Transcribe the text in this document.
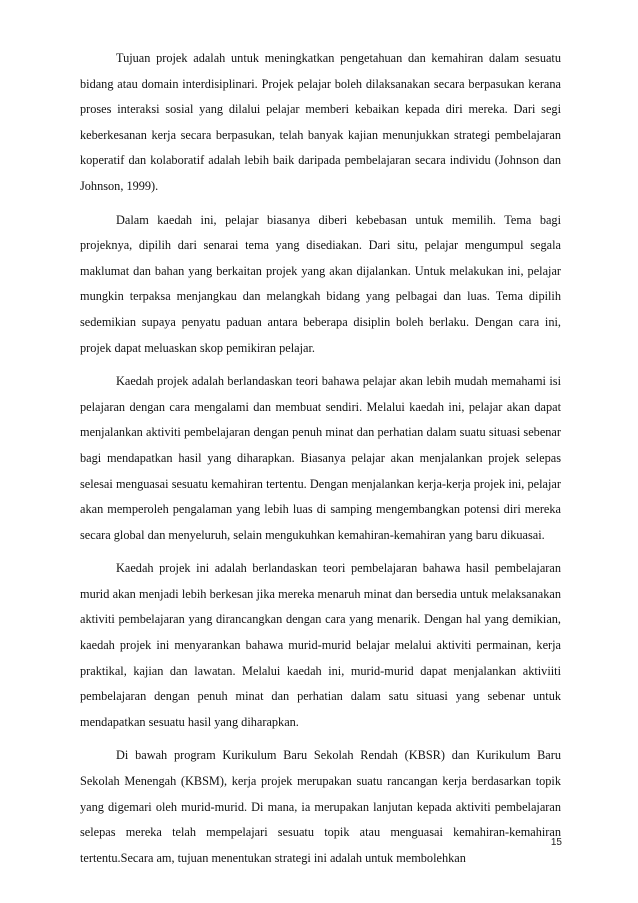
Tujuan projek adalah untuk meningkatkan pengetahuan dan kemahiran dalam sesuatu bidang atau domain interdisiplinari. Projek pelajar boleh dilaksanakan secara berpasukan kerana proses interaksi sosial yang dilalui pelajar memberi kebaikan kepada diri mereka. Dari segi keberkesanan kerja secara berpasukan, telah banyak kajian menunjukkan strategi pembelajaran koperatif dan kolaboratif adalah lebih baik daripada pembelajaran secara individu (Johnson dan Johnson, 1999).

Dalam kaedah ini, pelajar biasanya diberi kebebasan untuk memilih. Tema bagi projeknya, dipilih dari senarai tema yang disediakan. Dari situ, pelajar mengumpul segala maklumat dan bahan yang berkaitan projek yang akan dijalankan. Untuk melakukan ini, pelajar mungkin terpaksa menjangkau dan melangkah bidang yang pelbagai dan luas. Tema dipilih sedemikian supaya penyatu paduan antara beberapa disiplin boleh berlaku. Dengan cara ini, projek dapat meluaskan skop pemikiran pelajar.

Kaedah projek adalah berlandaskan teori bahawa pelajar akan lebih mudah memahami isi pelajaran dengan cara mengalami dan membuat sendiri. Melalui kaedah ini, pelajar akan dapat menjalankan aktiviti pembelajaran dengan penuh minat dan perhatian dalam suatu situasi sebenar bagi mendapatkan hasil yang diharapkan. Biasanya pelajar akan menjalankan projek selepas selesai menguasai sesuatu kemahiran tertentu. Dengan menjalankan kerja-kerja projek ini, pelajar akan memperoleh pengalaman yang lebih luas di samping mengembangkan potensi diri mereka secara global dan menyeluruh, selain mengukuhkan kemahiran-kemahiran yang baru dikuasai.

Kaedah projek ini adalah berlandaskan teori pembelajaran bahawa hasil pembelajaran murid akan menjadi lebih berkesan jika mereka menaruh minat dan bersedia untuk melaksanakan aktiviti pembelajaran yang dirancangkan dengan cara yang menarik. Dengan hal yang demikian, kaedah projek ini menyarankan bahawa murid-murid belajar melalui aktiviti permainan, kerja praktikal, kajian dan lawatan. Melalui kaedah ini, murid-murid dapat menjalankan aktiviiti pembelajaran dengan penuh minat dan perhatian dalam satu situasi yang sebenar untuk mendapatkan sesuatu hasil yang diharapkan.

Di bawah program Kurikulum Baru Sekolah Rendah (KBSR) dan Kurikulum Baru Sekolah Menengah (KBSM), kerja projek merupakan suatu rancangan kerja berdasarkan topik yang digemari oleh murid-murid. Di mana, ia merupakan lanjutan kepada aktiviti pembelajaran selepas mereka telah mempelajari sesuatu topik atau menguasai kemahiran-kemahiran tertentu.Secara am, tujuan menentukan strategi ini adalah untuk membolehkan

15
